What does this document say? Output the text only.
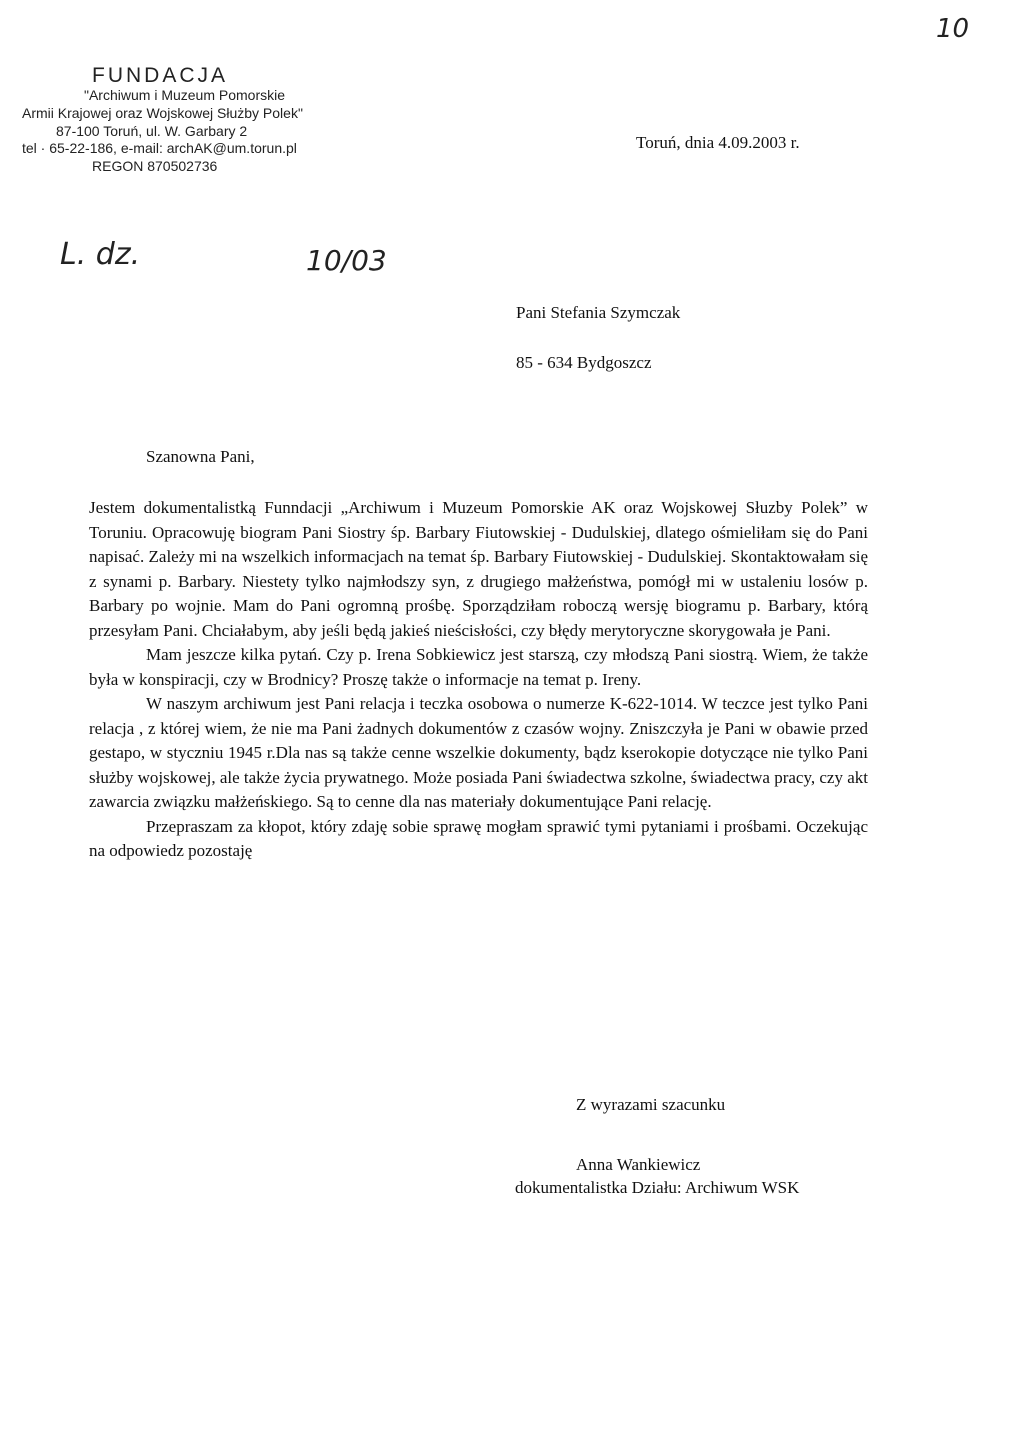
10
FUNDACJA
"Archiwum i Muzeum Pomorskie
Armii Krajowej oraz Wojskowej Służby Polek"
87-100 Toruń, ul. W. Garbary 2
tel · 65-22-186, e-mail: archAK@um.torun.pl
REGON 870502736
Toruń, dnia 4.09.2003 r.
L. dz.	10/03
Pani Stefania Szymczak
85 - 634 Bydgoszcz
Szanowna Pani,

Jestem dokumentalistką Funndacji „Archiwum i Muzeum Pomorskie AK oraz Wojskowej Słuzby Polek” w Toruniu. Opracowuję biogram Pani Siostry śp. Barbary Fiutowskiej - Dudulskiej, dlatego ośmieliłam się do Pani napisać. Zależy mi na wszelkich informacjach na temat śp. Barbary Fiutowskiej - Dudulskiej. Skontaktowałam się z synami p. Barbary. Niestety tylko najmłodszy syn, z drugiego małżeństwa, pomógł mi w ustaleniu losów p. Barbary po wojnie. Mam do Pani ogromną prośbę. Sporządziłam roboczą wersję biogramu p. Barbary, którą przesyłam Pani. Chciałabym, aby jeśli będą jakieś nieścisłości, czy błędy merytoryczne skorygowała je Pani.

Mam jeszcze kilka pytań. Czy p. Irena Sobkiewicz jest starszą, czy młodszą Pani siostrą. Wiem, że także była w konspiracji, czy w Brodnicy? Proszę także o informacje na temat p. Ireny.

W naszym archiwum jest Pani relacja i teczka osobowa o numerze K-622-1014. W teczce jest tylko Pani relacja , z której wiem, że nie ma Pani żadnych dokumentów z czasów wojny. Zniszczyła je Pani w obawie przed gestapo, w styczniu 1945 r.Dla nas są także cenne wszelkie dokumenty, bądz kserokopie dotyczące nie tylko Pani służby wojskowej, ale także życia prywatnego. Może posiada Pani świadectwa szkolne, świadectwa pracy, czy akt zawarcia związku małżeńskiego. Są to cenne dla nas materiały dokumentujące Pani relację.

Przepraszam za kłopot, który zdaję sobie sprawę mogłam sprawić tymi pytaniami i prośbami. Oczekując na odpowiedz pozostaję

Z wyrazami szacunku
Anna Wankiewicz
dokumentalistka Działu: Archiwum WSK
